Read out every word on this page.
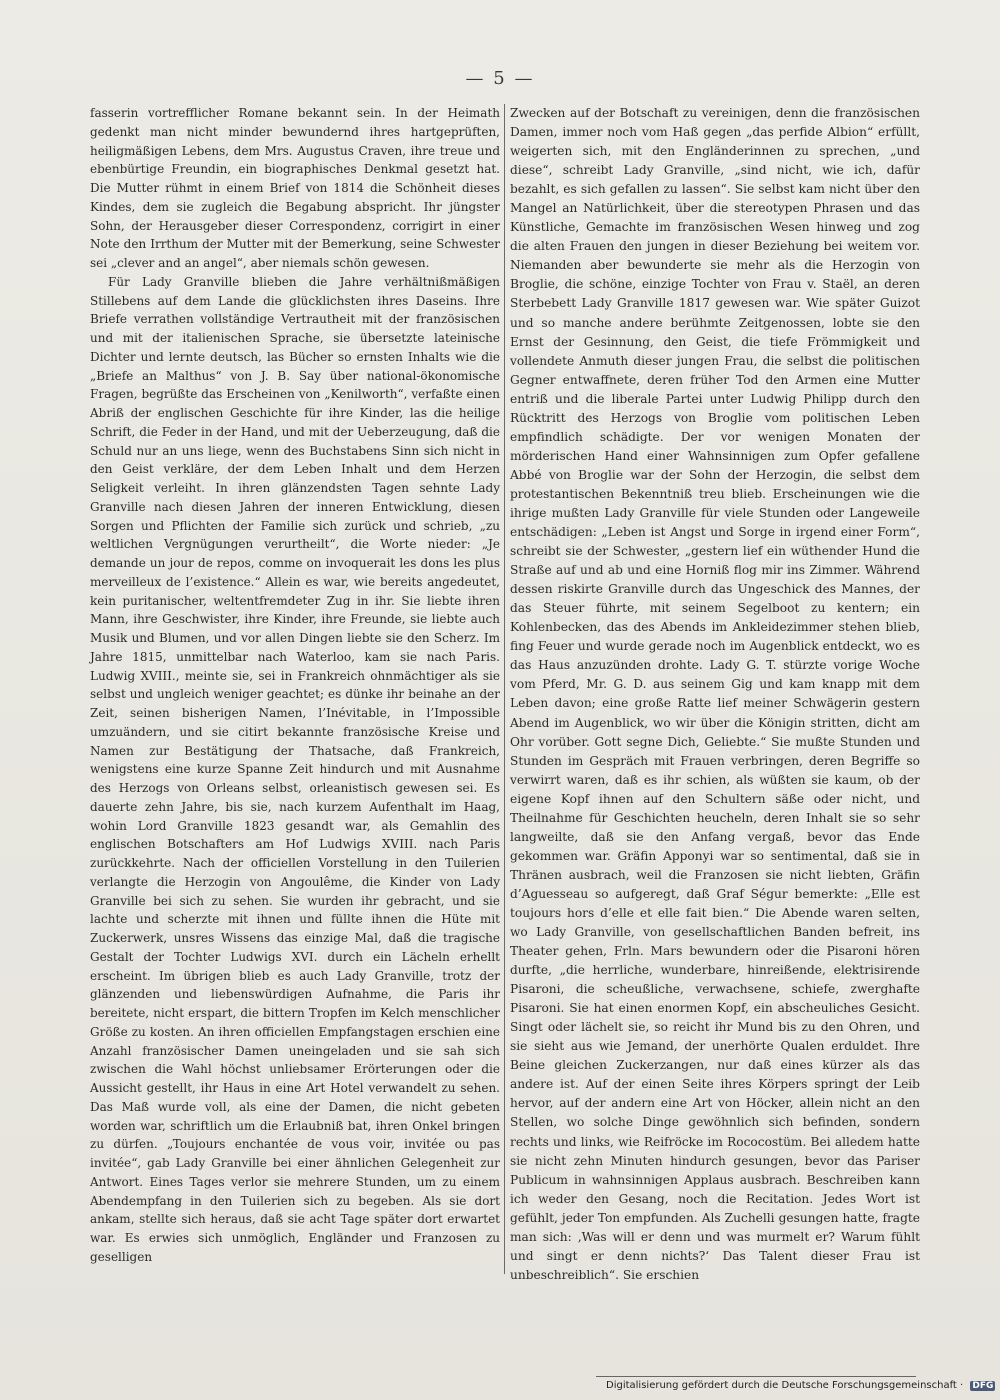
— 5 —

fasserin vortrefflicher Romane bekannt sein. In der Heimath gedenkt man nicht minder bewundernd ihres hartgeprüften, heiligmäßigen Lebens, dem Mrs. Augustus Craven, ihre treue und ebenbürtige Freundin, ein biographisches Denkmal gesetzt hat. Die Mutter rühmt in einem Brief von 1814 die Schönheit dieses Kindes, dem sie zugleich die Begabung abspricht. Ihr jüngster Sohn, der Herausgeber dieser Correspondenz, corrigirt in einer Note den Irrthum der Mutter mit der Bemerkung, seine Schwester sei „clever and an angel“, aber niemals schön gewesen.

Für Lady Granville blieben die Jahre verhältnißmäßigen Stillebens auf dem Lande die glücklichsten ihres Daseins. Ihre Briefe verrathen vollständige Vertrautheit mit der französischen und mit der italienischen Sprache, sie übersetzte lateinische Dichter und lernte deutsch, las Bücher so ernsten Inhalts wie die „Briefe an Malthus“ von J. B. Say über national-ökonomische Fragen, begrüßte das Erscheinen von „Kenilworth“, verfaßte einen Abriß der englischen Geschichte für ihre Kinder, las die heilige Schrift, die Feder in der Hand, und mit der Ueberzeugung, daß die Schuld nur an uns liege, wenn des Buchstabens Sinn sich nicht in den Geist verkläre, der dem Leben Inhalt und dem Herzen Seligkeit verleiht. In ihren glänzendsten Tagen sehnte Lady Granville nach diesen Jahren der inneren Entwicklung, diesen Sorgen und Pflichten der Familie sich zurück und schrieb, „zu weltlichen Vergnügungen verurtheilt“, die Worte nieder: „Je demande un jour de repos, comme on invoquerait les dons les plus merveilleux de l’existence.“ Allein es war, wie bereits angedeutet, kein puritanischer, weltentfremdeter Zug in ihr. Sie liebte ihren Mann, ihre Geschwister, ihre Kinder, ihre Freunde, sie liebte auch Musik und Blumen, und vor allen Dingen liebte sie den Scherz. Im Jahre 1815, unmittelbar nach Waterloo, kam sie nach Paris. Ludwig XVIII., meinte sie, sei in Frankreich ohnmächtiger als sie selbst und ungleich weniger geachtet; es dünke ihr beinahe an der Zeit, seinen bisherigen Namen, l’Inévitable, in l’Impossible umzuändern, und sie citirt bekannte französische Kreise und Namen zur Bestätigung der Thatsache, daß Frankreich, wenigstens eine kurze Spanne Zeit hindurch und mit Ausnahme des Herzogs von Orleans selbst, orleanistisch gewesen sei. Es dauerte zehn Jahre, bis sie, nach kurzem Aufenthalt im Haag, wohin Lord Granville 1823 gesandt war, als Gemahlin des englischen Botschafters am Hof Ludwigs XVIII. nach Paris zurückkehrte. Nach der officiellen Vorstellung in den Tuilerien verlangte die Herzogin von Angoulême, die Kinder von Lady Granville bei sich zu sehen. Sie wurden ihr gebracht, und sie lachte und scherzte mit ihnen und füllte ihnen die Hüte mit Zuckerwerk, unsres Wissens das einzige Mal, daß die tragische Gestalt der Tochter Ludwigs XVI. durch ein Lächeln erhellt erscheint. Im übrigen blieb es auch Lady Granville, trotz der glänzenden und liebenswürdigen Aufnahme, die Paris ihr bereitete, nicht erspart, die bittern Tropfen im Kelch menschlicher Größe zu kosten. An ihren officiellen Empfangstagen erschien eine Anzahl französischer Damen uneingeladen und sie sah sich zwischen die Wahl höchst unliebsamer Erörterungen oder die Aussicht gestellt, ihr Haus in eine Art Hotel verwandelt zu sehen. Das Maß wurde voll, als eine der Damen, die nicht gebeten worden war, schriftlich um die Erlaubniß bat, ihren Onkel bringen zu dürfen. „Toujours enchantée de vous voir, invitée ou pas invitée“, gab Lady Granville bei einer ähnlichen Gelegenheit zur Antwort. Eines Tages verlor sie mehrere Stunden, um zu einem Abendempfang in den Tuilerien sich zu begeben. Als sie dort ankam, stellte sich heraus, daß sie acht Tage später dort erwartet war. Es erwies sich unmöglich, Engländer und Franzosen zu geselligen

Zwecken auf der Botschaft zu vereinigen, denn die französischen Damen, immer noch vom Haß gegen „das perfide Albion“ erfüllt, weigerten sich, mit den Engländerinnen zu sprechen, „und diese“, schreibt Lady Granville, „sind nicht, wie ich, dafür bezahlt, es sich gefallen zu lassen“. Sie selbst kam nicht über den Mangel an Natürlichkeit, über die stereotypen Phrasen und das Künstliche, Gemachte im französischen Wesen hinweg und zog die alten Frauen den jungen in dieser Beziehung bei weitem vor. Niemanden aber bewunderte sie mehr als die Herzogin von Broglie, die schöne, einzige Tochter von Frau v. Staël, an deren Sterbebett Lady Granville 1817 gewesen war. Wie später Guizot und so manche andere berühmte Zeitgenossen, lobte sie den Ernst der Gesinnung, den Geist, die tiefe Frömmigkeit und vollendete Anmuth dieser jungen Frau, die selbst die politischen Gegner entwaffnete, deren früher Tod den Armen eine Mutter entriß und die liberale Partei unter Ludwig Philipp durch den Rücktritt des Herzogs von Broglie vom politischen Leben empfindlich schädigte. Der vor wenigen Monaten der mörderischen Hand einer Wahnsinnigen zum Opfer gefallene Abbé von Broglie war der Sohn der Herzogin, die selbst dem protestantischen Bekenntniß treu blieb. Erscheinungen wie die ihrige mußten Lady Granville für viele Stunden oder Langeweile entschädigen: „Leben ist Angst und Sorge in irgend einer Form“, schreibt sie der Schwester, „gestern lief ein wüthender Hund die Straße auf und ab und eine Horniß flog mir ins Zimmer. Während dessen riskirte Granville durch das Ungeschick des Mannes, der das Steuer führte, mit seinem Segelboot zu kentern; ein Kohlenbecken, das des Abends im Ankleidezimmer stehen blieb, fing Feuer und wurde gerade noch im Augenblick entdeckt, wo es das Haus anzuzünden drohte. Lady G. T. stürzte vorige Woche vom Pferd, Mr. G. D. aus seinem Gig und kam knapp mit dem Leben davon; eine große Ratte lief meiner Schwägerin gestern Abend im Augenblick, wo wir über die Königin stritten, dicht am Ohr vorüber. Gott segne Dich, Geliebte.“ Sie mußte Stunden und Stunden im Gespräch mit Frauen verbringen, deren Begriffe so verwirrt waren, daß es ihr schien, als wüßten sie kaum, ob der eigene Kopf ihnen auf den Schultern säße oder nicht, und Theilnahme für Geschichten heucheln, deren Inhalt sie so sehr langweilte, daß sie den Anfang vergaß, bevor das Ende gekommen war. Gräfin Apponyi war so sentimental, daß sie in Thränen ausbrach, weil die Franzosen sie nicht liebten, Gräfin d’Aguesseau so aufgeregt, daß Graf Ségur bemerkte: „Elle est toujours hors d’elle et elle fait bien.“ Die Abende waren selten, wo Lady Granville, von gesellschaftlichen Banden befreit, ins Theater gehen, Frln. Mars bewundern oder die Pisaroni hören durfte, „die herrliche, wunderbare, hinreißende, elektrisirende Pisaroni, die scheußliche, verwachsene, schiefe, zwerghafte Pisaroni. Sie hat einen enormen Kopf, ein abscheuliches Gesicht. Singt oder lächelt sie, so reicht ihr Mund bis zu den Ohren, und sie sieht aus wie Jemand, der unerhörte Qualen erduldet. Ihre Beine gleichen Zuckerzangen, nur daß eines kürzer als das andere ist. Auf der einen Seite ihres Körpers springt der Leib hervor, auf der andern eine Art von Höcker, allein nicht an den Stellen, wo solche Dinge gewöhnlich sich befinden, sondern rechts und links, wie Reifröcke im Rococostüm. Bei alledem hatte sie nicht zehn Minuten hindurch gesungen, bevor das Pariser Publicum in wahnsinnigen Applaus ausbrach. Beschreiben kann ich weder den Gesang, noch die Recitation. Jedes Wort ist gefühlt, jeder Ton empfunden. Als Zuchelli gesungen hatte, fragte man sich: ‚Was will er denn und was murmelt er? Warum fühlt und singt er denn nichts?‘ Das Talent dieser Frau ist unbeschreiblich“. Sie erschien

Digitalisierung gefördert durch die Deutsche Forschungsgemeinschaft · DFG
